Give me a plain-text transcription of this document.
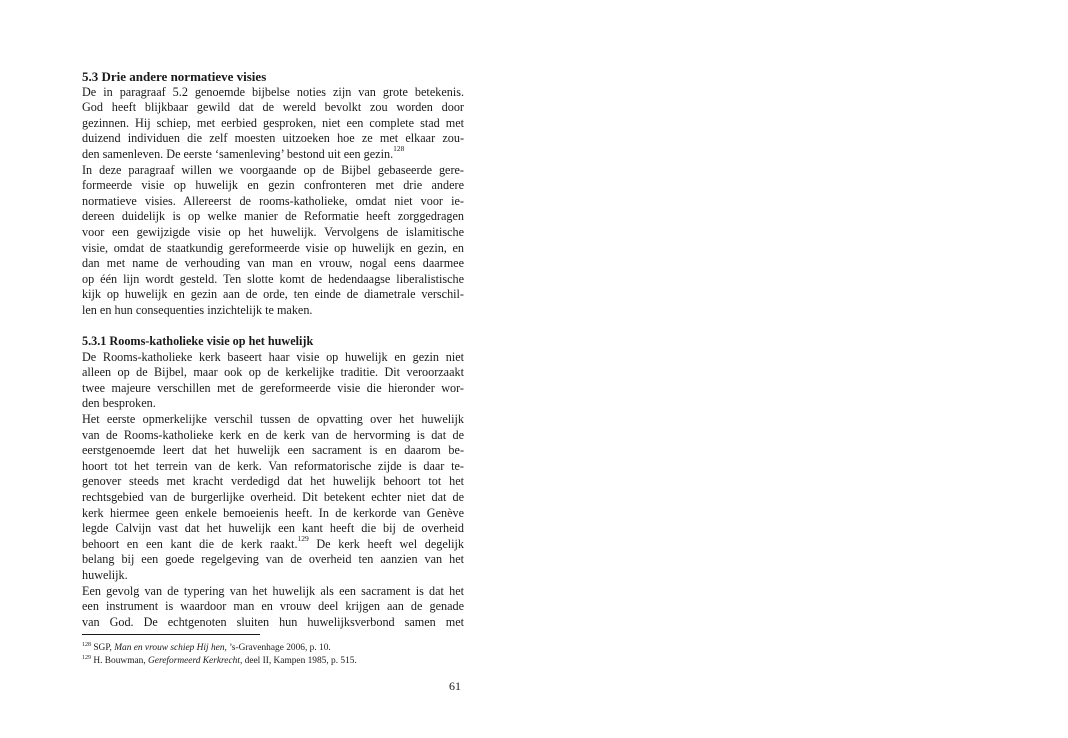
5.3 Drie andere normatieve visies
De in paragraaf 5.2 genoemde bijbelse noties zijn van grote betekenis.
God heeft blijkbaar gewild dat de wereld bevolkt zou worden door
gezinnen. Hij schiep, met eerbied gesproken, niet een complete stad met
duizend individuen die zelf moesten uitzoeken hoe ze met elkaar zou-
den samenleven. De eerste ‘samenleving’ bestond uit een gezin.$^{128}$
In deze paragraaf willen we voorgaande op de Bijbel gebaseerde gere-
formeerde visie op huwelijk en gezin confronteren met drie andere
normatieve visies. Allereerst de rooms-katholieke, omdat niet voor ie-
dereen duidelijk is op welke manier de Reformatie heeft zorggedragen
voor een gewijzigde visie op het huwelijk. Vervolgens de islamitische
visie, omdat de staatkundig gereformeerde visie op huwelijk en gezin, en
dan met name de verhouding van man en vrouw, nogal eens daarmee
op één lijn wordt gesteld. Ten slotte komt de hedendaagse liberalistische
kijk op huwelijk en gezin aan de orde, ten einde de diametrale verschil-
len en hun consequenties inzichtelijk te maken.
5.3.1 Rooms-katholieke visie op het huwelijk
De Rooms-katholieke kerk baseert haar visie op huwelijk en gezin niet
alleen op de Bijbel, maar ook op de kerkelijke traditie. Dit veroorzaakt
twee majeure verschillen met de gereformeerde visie die hieronder wor-
den besproken.
Het eerste opmerkelijke verschil tussen de opvatting over het huwelijk
van de Rooms-katholieke kerk en de kerk van de hervorming is dat de
eerstgenoemde leert dat het huwelijk een sacrament is en daarom be-
hoort tot het terrein van de kerk. Van reformatorische zijde is daar te-
genover steeds met kracht verdedigd dat het huwelijk behoort tot het
rechtsgebied van de burgerlijke overheid. Dit betekent echter niet dat de
kerk hiermee geen enkele bemoeienis heeft. In de kerkorde van Genève
legde Calvijn vast dat het huwelijk een kant heeft die bij de overheid
behoort en een kant die de kerk raakt.$^{129}$ De kerk heeft wel degelijk
belang bij een goede regelgeving van de overheid ten aanzien van het
huwelijk.
Een gevolg van de typering van het huwelijk als een sacrament is dat het
een instrument is waardoor man en vrouw deel krijgen aan de genade
van God. De echtgenoten sluiten hun huwelijksverbond samen met
$^{128}$ SGP, Man en vrouw schiep Hij hen, ’s-Gravenhage 2006, p. 10.
$^{129}$ H. Bouwman, Gereformeerd Kerkrecht, deel II, Kampen 1985, p. 515.
61
